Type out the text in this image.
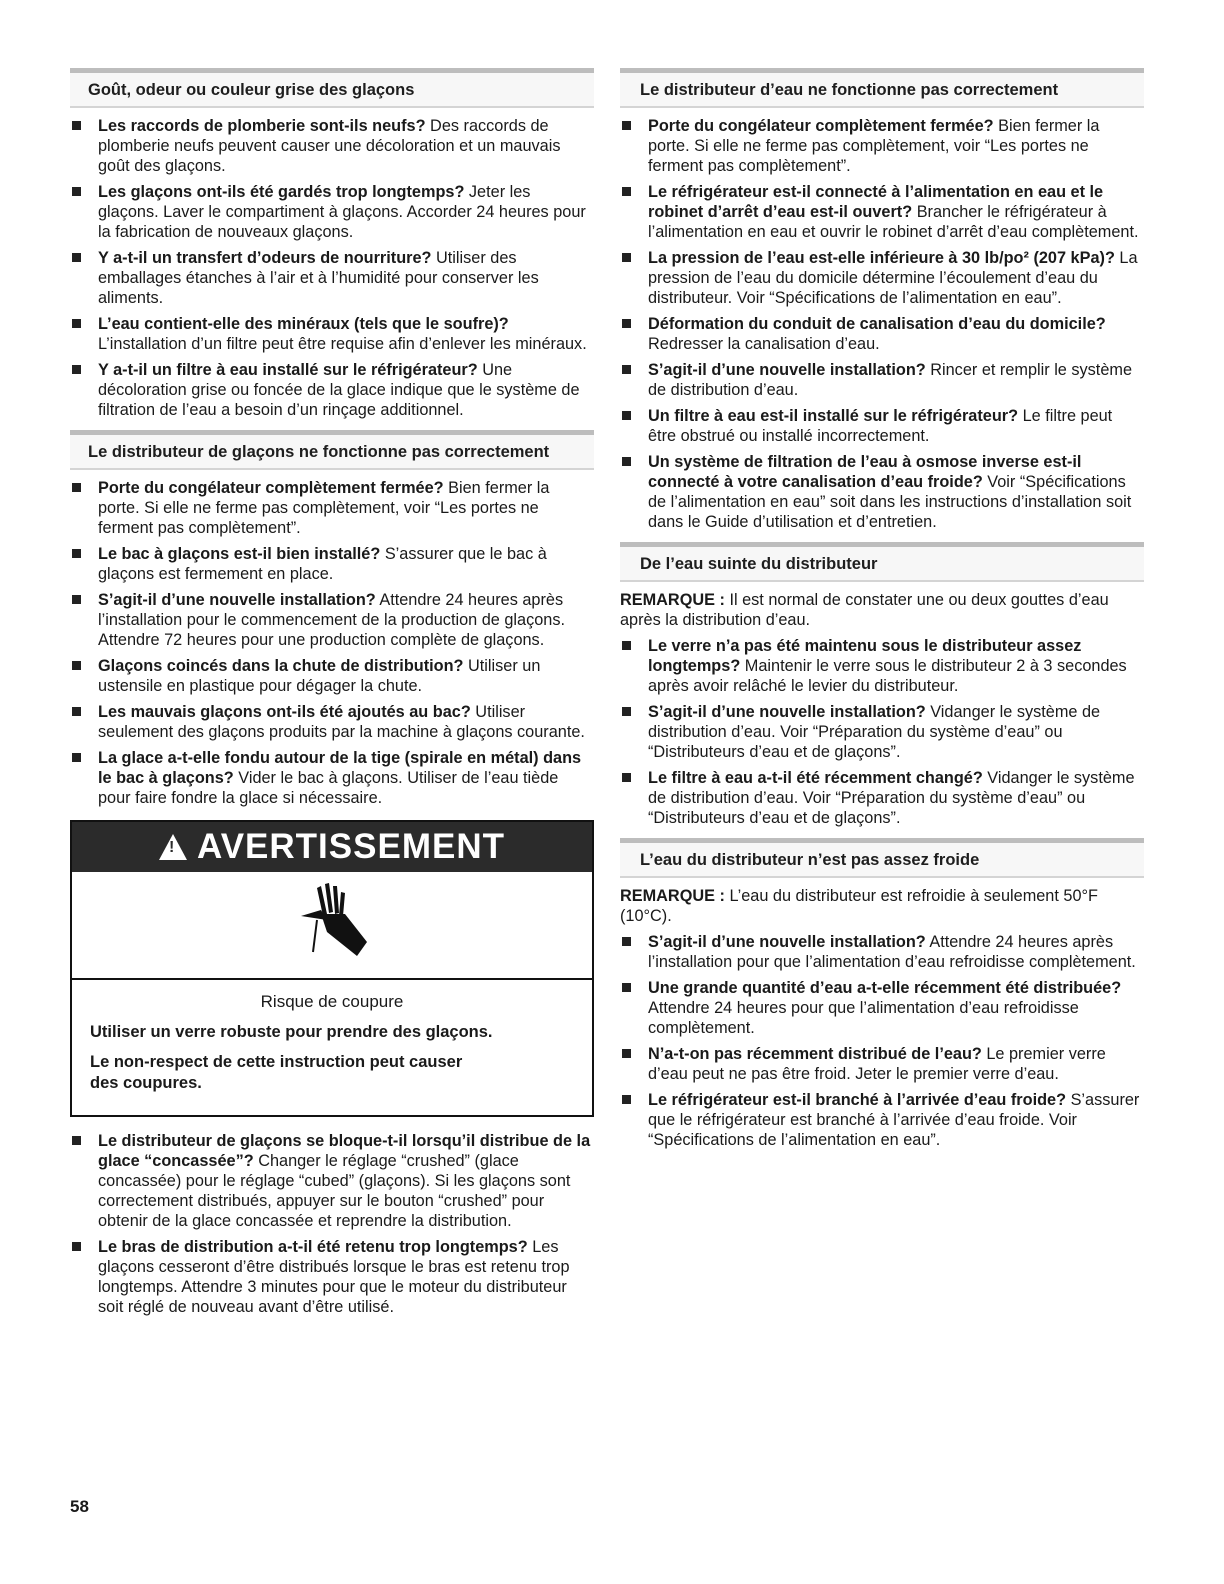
Goût, odeur ou couleur grise des glaçons
Les raccords de plomberie sont-ils neufs? Des raccords de plomberie neufs peuvent causer une décoloration et un mauvais goût des glaçons.
Les glaçons ont-ils été gardés trop longtemps? Jeter les glaçons. Laver le compartiment à glaçons. Accorder 24 heures pour la fabrication de nouveaux glaçons.
Y a-t-il un transfert d’odeurs de nourriture? Utiliser des emballages étanches à l’air et à l’humidité pour conserver les aliments.
L’eau contient-elle des minéraux (tels que le soufre)? L’installation d’un filtre peut être requise afin d’enlever les minéraux.
Y a-t-il un filtre à eau installé sur le réfrigérateur? Une décoloration grise ou foncée de la glace indique que le système de filtration de l’eau a besoin d’un rinçage additionnel.
Le distributeur de glaçons ne fonctionne pas correctement
Porte du congélateur complètement fermée? Bien fermer la porte. Si elle ne ferme pas complètement, voir “Les portes ne ferment pas complètement”.
Le bac à glaçons est-il bien installé? S’assurer que le bac à glaçons est fermement en place.
S’agit-il d’une nouvelle installation? Attendre 24 heures après l’installation pour le commencement de la production de glaçons. Attendre 72 heures pour une production complète de glaçons.
Glaçons coincés dans la chute de distribution? Utiliser un ustensile en plastique pour dégager la chute.
Les mauvais glaçons ont-ils été ajoutés au bac? Utiliser seulement des glaçons produits par la machine à glaçons courante.
La glace a-t-elle fondu autour de la tige (spirale en métal) dans le bac à glaçons? Vider le bac à glaçons. Utiliser de l’eau tiède pour faire fondre la glace si nécessaire.
! AVERTISSEMENT
Risque de coupure
Utiliser un verre robuste pour prendre des glaçons.
Le non-respect de cette instruction peut causer des coupures.
Le distributeur de glaçons se bloque-t-il lorsqu’il distribue de la glace “concassée”? Changer le réglage “crushed” (glace concassée) pour le réglage “cubed” (glaçons). Si les glaçons sont correctement distribués, appuyer sur le bouton “crushed” pour obtenir de la glace concassée et reprendre la distribution.
Le bras de distribution a-t-il été retenu trop longtemps? Les glaçons cesseront d’être distribués lorsque le bras est retenu trop longtemps. Attendre 3 minutes pour que le moteur du distributeur soit réglé de nouveau avant d’être utilisé.
Le distributeur d’eau ne fonctionne pas correctement
Porte du congélateur complètement fermée? Bien fermer la porte. Si elle ne ferme pas complètement, voir “Les portes ne ferment pas complètement”.
Le réfrigérateur est-il connecté à l’alimentation en eau et le robinet d’arrêt d’eau est-il ouvert? Brancher le réfrigérateur à l’alimentation en eau et ouvrir le robinet d’arrêt d’eau complètement.
La pression de l’eau est-elle inférieure à 30 lb/po² (207 kPa)? La pression de l’eau du domicile détermine l’écoulement d’eau du distributeur. Voir “Spécifications de l’alimentation en eau”.
Déformation du conduit de canalisation d’eau du domicile? Redresser la canalisation d’eau.
S’agit-il d’une nouvelle installation? Rincer et remplir le système de distribution d’eau.
Un filtre à eau est-il installé sur le réfrigérateur? Le filtre peut être obstrué ou installé incorrectement.
Un système de filtration de l’eau à osmose inverse est-il connecté à votre canalisation d’eau froide? Voir “Spécifications de l’alimentation en eau” soit dans les instructions d’installation soit dans le Guide d’utilisation et d’entretien.
De l’eau suinte du distributeur
REMARQUE : Il est normal de constater une ou deux gouttes d’eau après la distribution d’eau.
Le verre n’a pas été maintenu sous le distributeur assez longtemps? Maintenir le verre sous le distributeur 2 à 3 secondes après avoir relâché le levier du distributeur.
S’agit-il d’une nouvelle installation? Vidanger le système de distribution d’eau. Voir “Préparation du système d’eau” ou “Distributeurs d’eau et de glaçons”.
Le filtre à eau a-t-il été récemment changé? Vidanger le système de distribution d’eau. Voir “Préparation du système d’eau” ou “Distributeurs d’eau et de glaçons”.
L’eau du distributeur n’est pas assez froide
REMARQUE : L’eau du distributeur est refroidie à seulement 50°F (10°C).
S’agit-il d’une nouvelle installation? Attendre 24 heures après l’installation pour que l’alimentation d’eau refroidisse complètement.
Une grande quantité d’eau a-t-elle récemment été distribuée? Attendre 24 heures pour que l’alimentation d’eau refroidisse complètement.
N’a-t-on pas récemment distribué de l’eau? Le premier verre d’eau peut ne pas être froid. Jeter le premier verre d’eau.
Le réfrigérateur est-il branché à l’arrivée d’eau froide? S’assurer que le réfrigérateur est branché à l’arrivée d’eau froide. Voir “Spécifications de l’alimentation en eau”.
58
